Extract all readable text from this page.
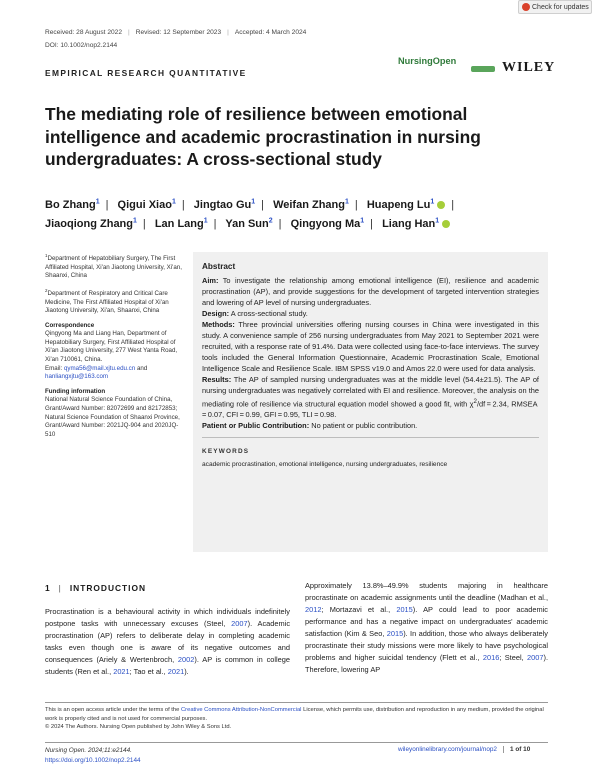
Check for updates
Received: 28 August 2022 | Revised: 12 September 2023 | Accepted: 4 March 2024
DOI: 10.1002/nop2.2144
EMPIRICAL RESEARCH QUANTITATIVE
NursingOpen	WILEY
The mediating role of resilience between emotional intelligence and academic procrastination in nursing undergraduates: A cross-sectional study
Bo Zhang$^1$ | Qigui Xiao$^1$ | Jingtao Gu$^1$ | Weifan Zhang$^1$ | Huapeng Lu$^1$ |
Jiaoqiong Zhang$^1$ | Lan Lang$^1$ | Yan Sun$^2$ | Qingyong Ma$^1$ | Liang Han$^1$

$^1$Department of Hepatobiliary Surgery, The First Affiliated Hospital, Xi'an Jiaotong University, Xi'an, Shaanxi, China

$^2$Department of Respiratory and Critical Care Medicine, The First Affiliated Hospital of Xi'an Jiaotong University, Xi'an, Shaanxi, China

Correspondence

Qingyong Ma and Liang Han, Department of Hepatobiliary Surgery, First Affiliated Hospital of Xi'an Jiaotong University, 277 West Yanta Road, Xi'an 710061, China.
Email: qyma56@mail.xjtu.edu.cn and
hanliangxjtu@163.com

Funding information

National Natural Science Foundation of China, Grant/Award Number: 82072699 and 82172853; Natural Science Foundation of Shaanxi Province, Grant/Award Number: 2021JQ-904 and 2020JQ-510

Abstract

Aim: To investigate the relationship among emotional intelligence (EI), resilience and academic procrastination (AP), and provide suggestions for the development of targeted intervention strategies and lowering of AP level of nursing undergraduates.

Design: A cross-sectional study.

Methods: Three provincial universities offering nursing courses in China were investigated in this study. A convenience sample of 256 nursing undergraduates from May 2021 to September 2021 were recruited, with a response rate of 91.4%. Data were collected using face-to-face interviews. The survey tools included the General Information Questionnaire, Academic Procrastination Scale, Emotional Intelligence Scale and Resilience Scale. IBM SPSS v19.0 and Amos 22.0 were used for data analysis.

Results: The AP of sampled nursing undergraduates was at the middle level (54.4±21.5). The AP of nursing undergraduates was negatively correlated with EI and resilience. Moreover, the analysis on the mediating role of resilience via structural equation model showed a good fit, with $\chi^2/df = 2.34$, RMSEA = 0.07, CFI = 0.99, GFI = 0.95, TLI = 0.98.

Patient or Public Contribution: No patient or public contribution.

KEYWORDS
academic procrastination, emotional intelligence, nursing undergraduates, resilience
1 | INTRODUCTION

Procrastination is a behavioural activity in which individuals indefinitely postpone tasks with unnecessary excuses (Steel, 2007). Academic procrastination (AP) refers to deliberate delay in completing academic tasks even though one is aware of its negative outcomes and consequences (Ariely & Wertenbroch, 2002). AP is common in college students (Ren et al., 2021; Tao et al., 2021).

Approximately 13.8%–49.9% students majoring in healthcare procrastinate on academic assignments until the deadline (Madhan et al., 2012; Mortazavi et al., 2015). AP could lead to poor academic performance and has a negative impact on undergraduates' academic satisfaction (Kim & Seo, 2015). In addition, those who always deliberately procrastinate their study missions were more likely to have psychological problems and higher suicidal tendency (Flett et al., 2016; Steel, 2007). Therefore, lowering AP

This is an open access article under the terms of the Creative Commons Attribution-NonCommercial License, which permits use, distribution and reproduction in any medium, provided the original work is properly cited and is not used for commercial purposes.
© 2024 The Authors. Nursing Open published by John Wiley & Sons Ltd.
Nursing Open. 2024;11:e2144.
https://doi.org/10.1002/nop2.2144
wileyonlinelibrary.com/journal/nop2 1 of 10
